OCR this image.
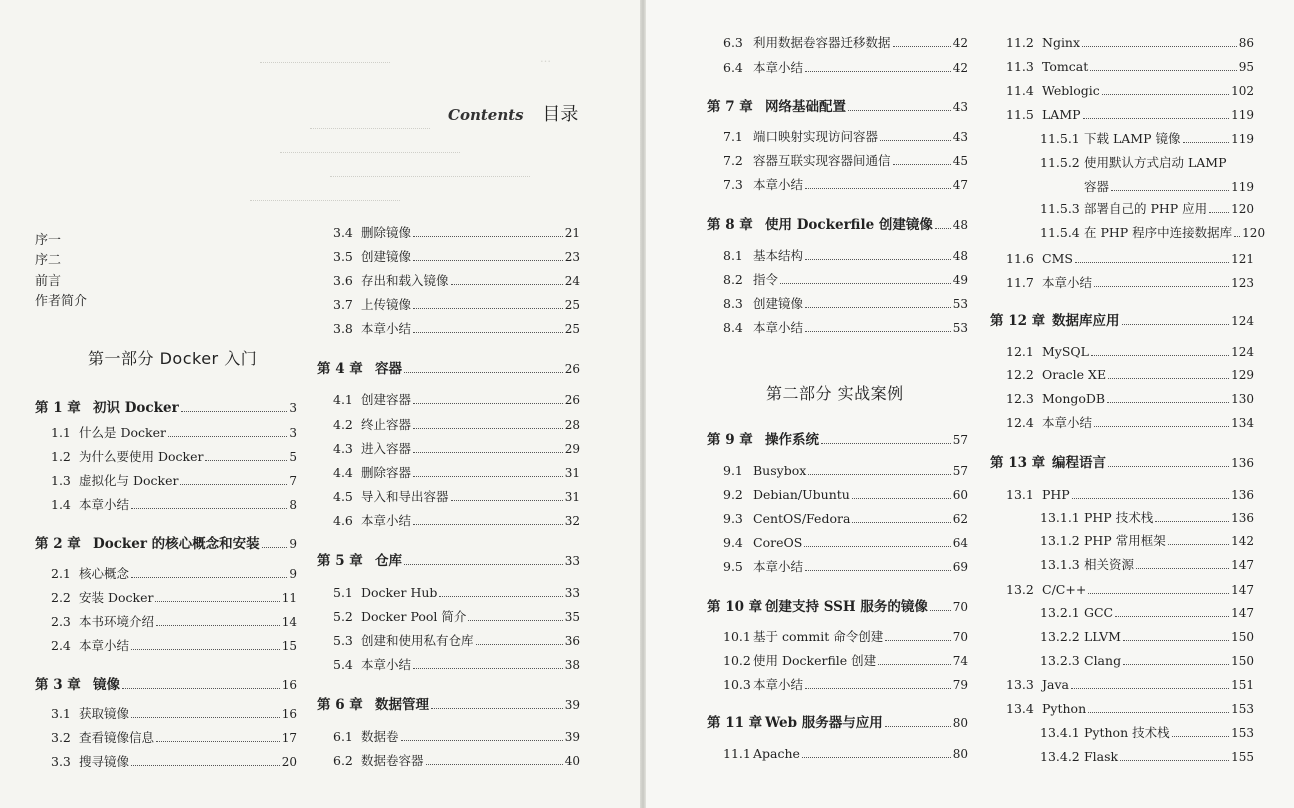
…
Contents 目录
序一
序二
前言
作者简介
第一部分 Docker 入门
第 1 章 初识 Docker	3
1.1 什么是 Docker	3
1.2 为什么要使用 Docker	5
1.3 虚拟化与 Docker	7
1.4 本章小结	8
第 2 章 Docker 的核心概念和安装 9
2.1 核心概念	9
2.2 安装 Docker	11
2.3 本书环境介绍	14
2.4 本章小结	15
第 3 章 镜像	16
3.1 获取镜像	16
3.2 查看镜像信息	17
3.3 搜寻镜像	20
3.4 删除镜像	21
3.5 创建镜像	23
3.6 存出和载入镜像	24
3.7 上传镜像	25
3.8 本章小结	25
第 4 章 容器	26
4.1 创建容器	26
4.2 终止容器	28
4.3 进入容器	29
4.4 删除容器	31
4.5 导入和导出容器	31
4.6 本章小结	32
第 5 章 仓库	33
5.1 Docker Hub	33
5.2 Docker Pool 简介	35
5.3 创建和使用私有仓库	36
5.4 本章小结	38
第 6 章 数据管理	39
6.1 数据卷	39
6.2 数据卷容器	40
第二部分 实战案例
6.3 利用数据卷容器迁移数据	42
6.4 本章小结	42
第 7 章 网络基础配置	43
7.1 端口映射实现访问容器	43
7.2 容器互联实现容器间通信	45
7.3 本章小结	47
第 8 章 使用 Dockerfile 创建镜像 48
8.1 基本结构	48
8.2 指令	49
8.3 创建镜像	53
8.4 本章小结	53
第 9 章 操作系统	57
9.1 Busybox	57
9.2 Debian/Ubuntu	60
9.3 CentOS/Fedora	62
9.4 CoreOS	64
9.5 本章小结	69
第 10 章 创建支持 SSH 服务的镜像 70
10.1 基于 commit 命令创建	70
10.2 使用 Dockerfile 创建	74
10.3 本章小结	79
第 11 章 Web 服务器与应用	80
11.1 Apache	80
11.2 Nginx	86
11.3 Tomcat	95
11.4 Weblogic	102
11.5 LAMP	119
11.5.1 下载 LAMP 镜像	119
11.5.2 使用默认方式启动 LAMP
容器	119
11.5.3 部署自己的 PHP 应用 120
11.5.4 在 PHP 程序中连接数据库 120
11.6 CMS	121
11.7 本章小结	123
第 12 章 数据库应用	124
12.1 MySQL	124
12.2 Oracle XE	129
12.3 MongoDB	130
12.4 本章小结	134
第 13 章 编程语言	136
13.1 PHP	136
13.1.1 PHP 技术栈	136
13.1.2 PHP 常用框架	142
13.1.3 相关资源	147
13.2 C/C++	147
13.2.1 GCC	147
13.2.2 LLVM	150
13.2.3 Clang	150
13.3 Java	151
13.4 Python	153
13.4.1 Python 技术栈	153
13.4.2 Flask	155
